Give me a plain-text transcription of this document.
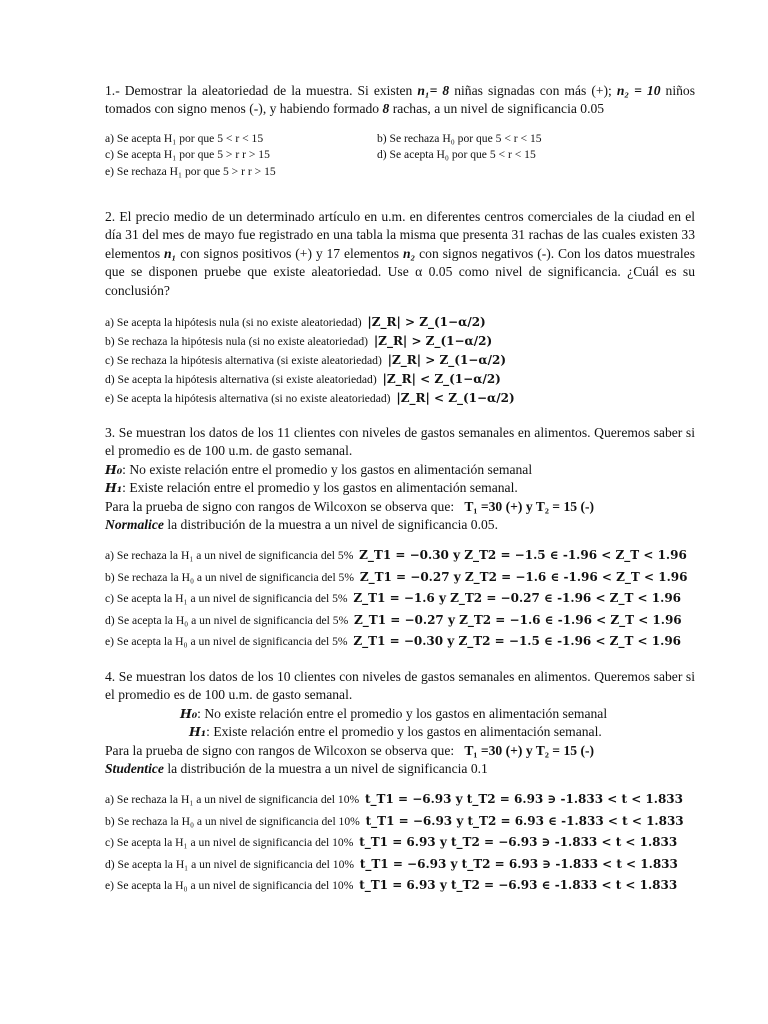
1.- Demostrar la aleatoriedad de la muestra. Si existen n₁= 8 niñas signadas con más (+); n₂ = 10 niños tomados con signo menos (-), y habiendo formado 8 rachas, a un nivel de significancia 0.05

a) Se acepta H₁ por que 5 < r < 15	b) Se rechaza H₀ por que 5 < r < 15
c) Se acepta H₁ por que 5 > r r > 15	d) Se acepta H₀ por que 5 < r < 15
e) Se rechaza H₁ por que 5 > r r > 15

2. El precio medio de un determinado artículo en u.m. en diferentes centros comerciales de la ciudad en el día 31 del mes de mayo fue registrado en una tabla la misma que presenta 31 rachas de las cuales existen 33 elementos n₁ con signos positivos (+) y 17 elementos n₂ con signos negativos (-). Con los datos muestrales que se disponen pruebe que existe aleatoriedad. Use α 0.05 como nivel de significancia. ¿Cuál es su conclusión?

a) Se acepta la hipótesis nula (si no existe aleatoriedad) |Z_R| > Z_(1−α/2)
b) Se rechaza la hipótesis nula (si no existe aleatoriedad) |Z_R| > Z_(1−α/2)
c) Se rechaza la hipótesis alternativa (si existe aleatoriedad) |Z_R| > Z_(1−α/2)
d) Se acepta la hipótesis alternativa (si existe aleatoriedad) |Z_R| < Z_(1−α/2)
e) Se acepta la hipótesis alternativa (si no existe aleatoriedad) |Z_R| < Z_(1−α/2)

3. Se muestran los datos de los 11 clientes con niveles de gastos semanales en alimentos. Queremos saber si el promedio es de 100 u.m. de gasto semanal.

H₀: No existe relación entre el promedio y los gastos en alimentación semanal
H₁: Existe relación entre el promedio y los gastos en alimentación semanal.
Para la prueba de signo con rangos de Wilcoxon se observa que: T₁ =30 (+) y T₂ = 15 (-)
Normalice la distribución de la muestra a un nivel de significancia 0.05.
a) Se rechaza la H₁ a un nivel de significancia del 5% Z_T1 = −0.30 y Z_T2 = −1.5 ∈ -1.96 < Z_T < 1.96
b) Se rechaza la H₀ a un nivel de significancia del 5% Z_T1 = −0.27 y Z_T2 = −1.6 ∈ -1.96 < Z_T < 1.96
c) Se acepta la H₁ a un nivel de significancia del 5% Z_T1 = −1.6 y Z_T2 = −0.27 ∈ -1.96 < Z_T < 1.96
d) Se acepta la H₀ a un nivel de significancia del 5% Z_T1 = −0.27 y Z_T2 = −1.6 ∈ -1.96 < Z_T < 1.96
e) Se acepta la H₀ a un nivel de significancia del 5% Z_T1 = −0.30 y Z_T2 = −1.5 ∈ -1.96 < Z_T < 1.96

4. Se muestran los datos de los 10 clientes con niveles de gastos semanales en alimentos. Queremos saber si el promedio es de 100 u.m. de gasto semanal.

H₀: No existe relación entre el promedio y los gastos en alimentación semanal
H₁: Existe relación entre el promedio y los gastos en alimentación semanal.
Para la prueba de signo con rangos de Wilcoxon se observa que: T₁ =30 (+) y T₂ = 15 (-)
Studentice la distribución de la muestra a un nivel de significancia 0.1
a) Se rechaza la H₁ a un nivel de significancia del 10% t_T1 = −6.93 y t_T2 = 6.93 ∋ -1.833 < t < 1.833
b) Se rechaza la H₀ a un nivel de significancia del 10% t_T1 = −6.93 y t_T2 = 6.93 ∈ -1.833 < t < 1.833
c) Se acepta la H₁ a un nivel de significancia del 10% t_T1 = 6.93 y t_T2 = −6.93 ∋ -1.833 < t < 1.833
d) Se acepta la H₁ a un nivel de significancia del 10% t_T1 = −6.93 y t_T2 = 6.93 ∋ -1.833 < t < 1.833
e) Se acepta la H₀ a un nivel de significancia del 10% t_T1 = 6.93 y t_T2 = −6.93 ∈ -1.833 < t < 1.833
